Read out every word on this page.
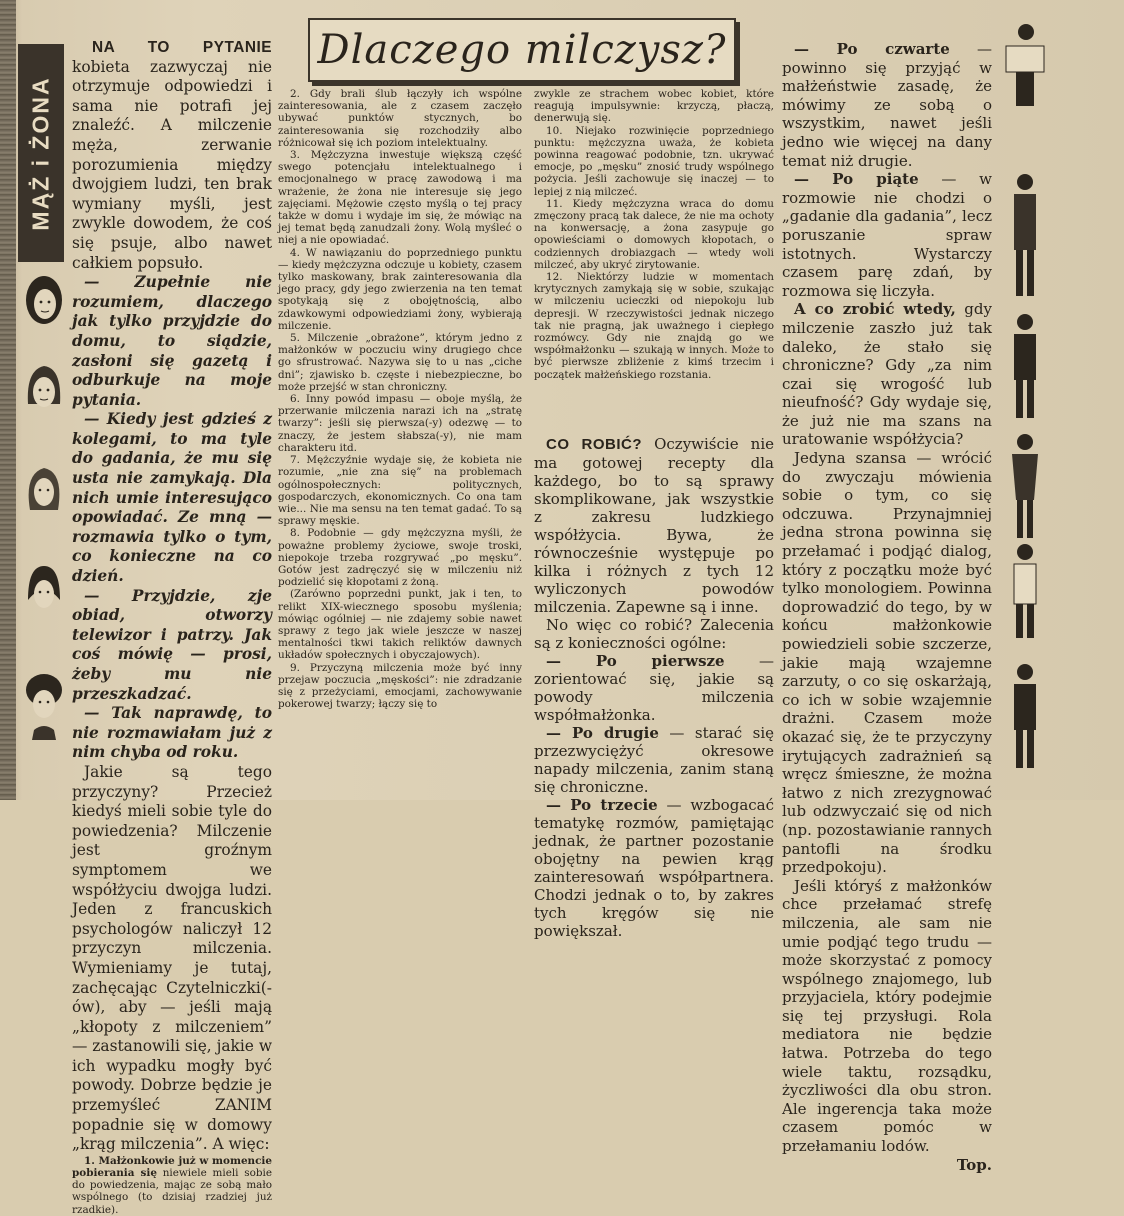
MĄŻ i ŻONA
Dlaczego milczysz?

NA TO PYTANIE kobieta zazwyczaj nie otrzymuje odpowiedzi i sama nie potrafi jej znaleźć. A milczenie męża, zerwanie porozumienia między dwojgiem ludzi, ten brak wymiany myśli, jest zwykle dowodem, że coś się psuje, albo nawet całkiem popsuło.

— Zupełnie nie rozumiem, dlaczego jak tylko przyjdzie do domu, to siądzie, zasłoni się gazetą i odburkuje na moje pytania.

— Kiedy jest gdzieś z kolegami, to ma tyle do gadania, że mu się usta nie zamykają. Dla nich umie interesująco opowiadać. Ze mną — rozmawia tylko o tym, co konieczne na co dzień.

— Przyjdzie, zje obiad, otworzy telewizor i patrzy. Jak coś mówię — prosi, żeby mu nie przeszkadzać.

— Tak naprawdę, to nie rozmawiałam już z nim chyba od roku.

Jakie są tego przyczyny? Przecież kiedyś mieli sobie tyle do powiedzenia? Milczenie jest groźnym symptomem we współżyciu dwojga ludzi. Jeden z francuskich psychologów naliczył 12 przyczyn milczenia. Wymieniamy je tutaj, zachęcając Czytelniczki(-ów), aby — jeśli mają „kłopoty z milczeniem” — zastanowili się, jakie w ich wypadku mogły być powody. Dobrze będzie je przemyśleć ZANIM popadnie się w domowy „krąg milczenia”. A więc:

1. Małżonkowie już w momencie pobierania się niewiele mieli sobie do powiedzenia, mając ze sobą mało wspólnego (to dzisiaj rzadziej już rzadkie).

2. Gdy brali ślub łączyły ich wspólne zainteresowania, ale z czasem zaczęło ubywać punktów stycznych, bo zainteresowania się rozchodziły albo różnicował się ich poziom intelektualny.

3. Mężczyzna inwestuje większą część swego potencjału intelektualnego i emocjonalnego w pracę zawodową i ma wrażenie, że żona nie interesuje się jego zajęciami. Mężowie często myślą o tej pracy także w domu i wydaje im się, że mówiąc na jej temat będą zanudzali żony. Wolą myśleć o niej a nie opowiadać.

4. W nawiązaniu do poprzedniego punktu — kiedy mężczyzna odczuje u kobiety, czasem tylko maskowany, brak zainteresowania dla jego pracy, gdy jego zwierzenia na ten temat spotykają się z obojętnością, albo zdawkowymi odpowiedziami żony, wybierają milczenie.

5. Milczenie „obrażone”, którym jedno z małżonków w poczuciu winy drugiego chce go sfrustrować. Nazywa się to u nas „ciche dni”; zjawisko b. częste i niebezpieczne, bo może przejść w stan chroniczny.

6. Inny powód impasu — oboje myślą, że przerwanie milczenia narazi ich na „stratę twarzy”: jeśli się pierwsza(-y) odezwę — to znaczy, że jestem słabsza(-y), nie mam charakteru itd.

7. Mężczyźnie wydaje się, że kobieta nie rozumie, „nie zna się” na problemach ogólnospołecznych: politycznych, gospodarczych, ekonomicznych. Co ona tam wie... Nie ma sensu na ten temat gadać. To są sprawy męskie.

8. Podobnie — gdy mężczyzna myśli, że poważne problemy życiowe, swoje troski, niepokoje trzeba rozgrywać „po męsku”. Gotów jest zadręczyć się w milczeniu niż podzielić się kłopotami z żoną.

(Zarówno poprzedni punkt, jak i ten, to relikt XIX-wiecznego sposobu myślenia; mówiąc ogólniej — nie zdajemy sobie nawet sprawy z tego jak wiele jeszcze w naszej mentalności tkwi takich reliktów dawnych układów społecznych i obyczajowych).

9. Przyczyną milczenia może być inny przejaw poczucia „męskości”: nie zdradzanie się z przeżyciami, emocjami, zachowywanie pokerowej twarzy; łączy się to

zwykle ze strachem wobec kobiet, które reagują impulsywnie: krzyczą, płaczą, denerwują się.

10. Niejako rozwinięcie poprzedniego punktu: mężczyzna uważa, że kobieta powinna reagować podobnie, tzn. ukrywać emocje, po „męsku” znosić trudy wspólnego pożycia. Jeśli zachowuje się inaczej — to lepiej z nią milczeć.

11. Kiedy mężczyzna wraca do domu zmęczony pracą tak dalece, że nie ma ochoty na konwersację, a żona zasypuje go opowieściami o domowych kłopotach, o codziennych drobiazgach — wtedy woli milczeć, aby ukryć zirytowanie.

12. Niektórzy ludzie w momentach krytycznych zamykają się w sobie, szukając w milczeniu ucieczki od niepokoju lub depresji. W rzeczywistości jednak niczego tak nie pragną, jak uważnego i ciepłego rozmówcy. Gdy nie znajdą go we współmałżonku — szukają w innych. Może to być pierwsze zbliżenie z kimś trzecim i początek małżeńskiego rozstania.

CO ROBIĆ? Oczywiście nie ma gotowej recepty dla każdego, bo to są sprawy skomplikowane, jak wszystkie z zakresu ludzkiego współżycia. Bywa, że równocześnie występuje po kilka i różnych z tych 12 wyliczonych powodów milczenia. Zapewne są i inne.

No więc co robić? Zalecenia są z konieczności ogólne:

— Po pierwsze — zorientować się, jakie są powody milczenia współmałżonka.

— Po drugie — starać się przezwyciężyć okresowe napady milczenia, zanim staną się chroniczne.

— Po trzecie — wzbogacać tematykę rozmów, pamiętając jednak, że partner pozostanie obojętny na pewien krąg zainteresowań współpartnera. Chodzi jednak o to, by zakres tych kręgów się nie powiększał.

— Po czwarte — powinno się przyjąć w małżeństwie zasadę, że mówimy ze sobą o wszystkim, nawet jeśli jedno wie więcej na dany temat niż drugie.

— Po piąte — w rozmowie nie chodzi o „gadanie dla gadania”, lecz poruszanie spraw istotnych. Wystarczy czasem parę zdań, by rozmowa się liczyła.

A co zrobić wtedy, gdy milczenie zaszło już tak daleko, że stało się chroniczne? Gdy „za nim czai się wrogość lub nieufność? Gdy wydaje się, że już nie ma szans na uratowanie współżycia?

Jedyna szansa — wrócić do zwyczaju mówienia sobie o tym, co się odczuwa. Przynajmniej jedna strona powinna się przełamać i podjąć dialog, który z początku może być tylko monologiem. Powinna doprowadzić do tego, by w końcu małżonkowie powiedzieli sobie szczerze, jakie mają wzajemne zarzuty, o co się oskarżają, co ich w sobie wzajemnie drażni. Czasem może okazać się, że te przyczyny irytujących zadrażnień są wręcz śmieszne, że można łatwo z nich zrezygnować lub odzwyczaić się od nich (np. pozostawianie rannych pantofli na środku przedpokoju).

Jeśli któryś z małżonków chce przełamać strefę milczenia, ale sam nie umie podjąć tego trudu — może skorzystać z pomocy wspólnego znajomego, lub przyjaciela, który podejmie się tej przysługi. Rola mediatora nie będzie łatwa. Potrzeba do tego wiele taktu, rozsądku, życzliwości dla obu stron. Ale ingerencja taka może czasem pomóc w przełamaniu lodów.

Top.
